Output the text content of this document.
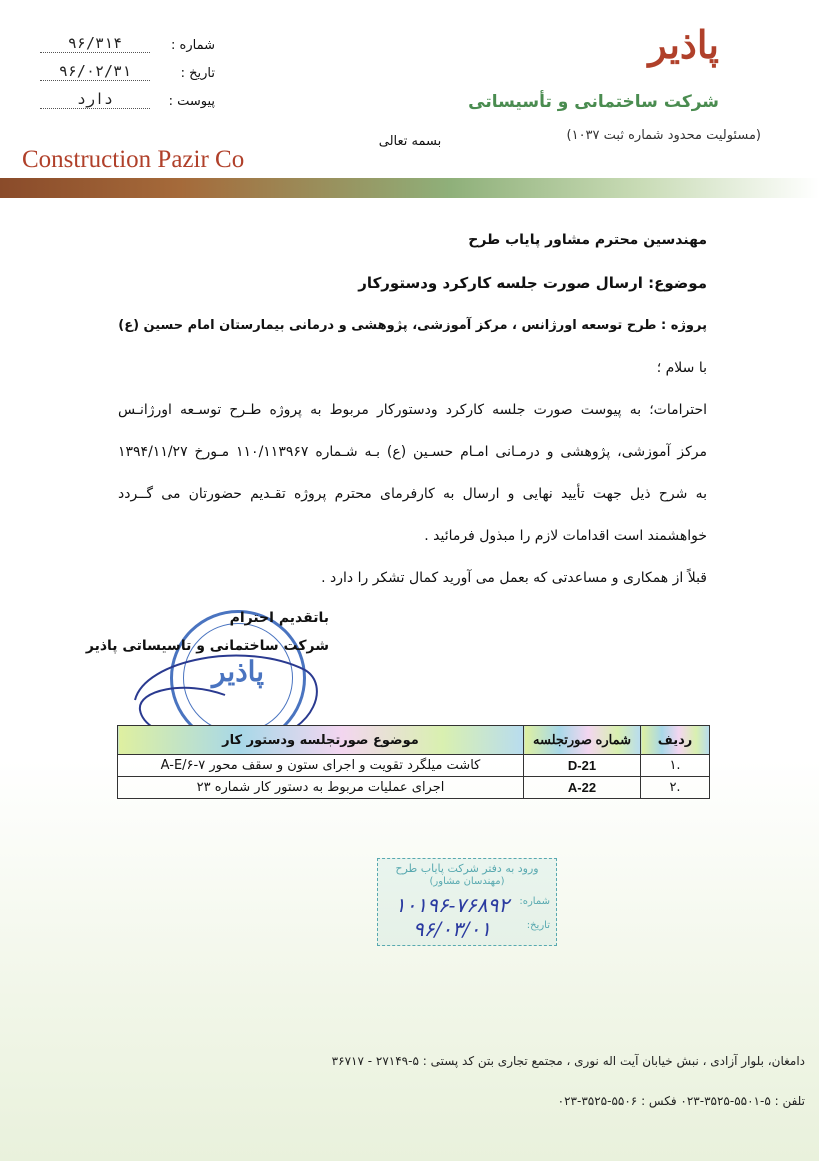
پاذیر
شرکت ساختمانی و تأسیساتی
(مسئولیت محدود شماره ثبت ۱۰۳۷)
بسمه تعالی
Construction Pazir Co
شماره :
۹۶/۳۱۴
تاریخ :
۹۶/۰۲/۳۱
پیوست :
دارد
مهندسین محترم مشاور پایاب طرح
موضوع: ارسال صورت جلسه کارکرد ودستورکار
پروژه : طرح توسعه اورژانس ، مرکز آموزشی، پژوهشی و درمانی بیمارستان امام حسین (ع)
با سلام ؛
احترامات؛ به پیوست صورت جلسه کارکرد ودستورکار مربوط به پروژه طـرح توسـعه اورژانـس
مرکز آموزشی، پژوهشی و درمـانی امـام حسـین (ع) بـه شـماره ۱۱۰/۱۱۳۹۶۷ مـورخ ۱۳۹۴/۱۱/۲۷
به شرح ذیل جهت تأیید نهایی و ارسال به کارفرمای محترم پروژه تقـدیم حضورتان می گــردد
خواهشمند است اقدامات لازم را مبذول فرمائید .
قبلاً از همکاری و مساعدتی که بعمل می آورید کمال تشکر را دارد .
پاذیر
باتقدیم احترام
شرکت ساختمانی و تاسیساتی پاذیر
ردیف	شماره صورتجلسه	موضوع صورتجلسه ودستور کار
.۱	D-21	کاشت میلگرد تقویت و اجرای ستون و سقف محور ۷-A-E/۶
.۲	A-22	اجرای عملیات مربوط به دستور کار شماره ۲۳
ورود به دفتر شرکت پایاب طرح
(مهندسان مشاور)
شماره:
۱۰۱۹۶-۷۶۸۹۲
تاریخ:
۹۶/۰۳/۰۱
دامغان، بلوار آزادی ، نبش خیابان آیت اله نوری ، مجتمع تجاری بتن کد پستی : ۵-۲۷۱۴۹ - ۳۶۷۱۷
تلفن : ۵-۵۵۰۱-۳۵۲۵-۰۲۳ فکس : ۵۵۰۶-۳۵۲۵-۰۲۳
